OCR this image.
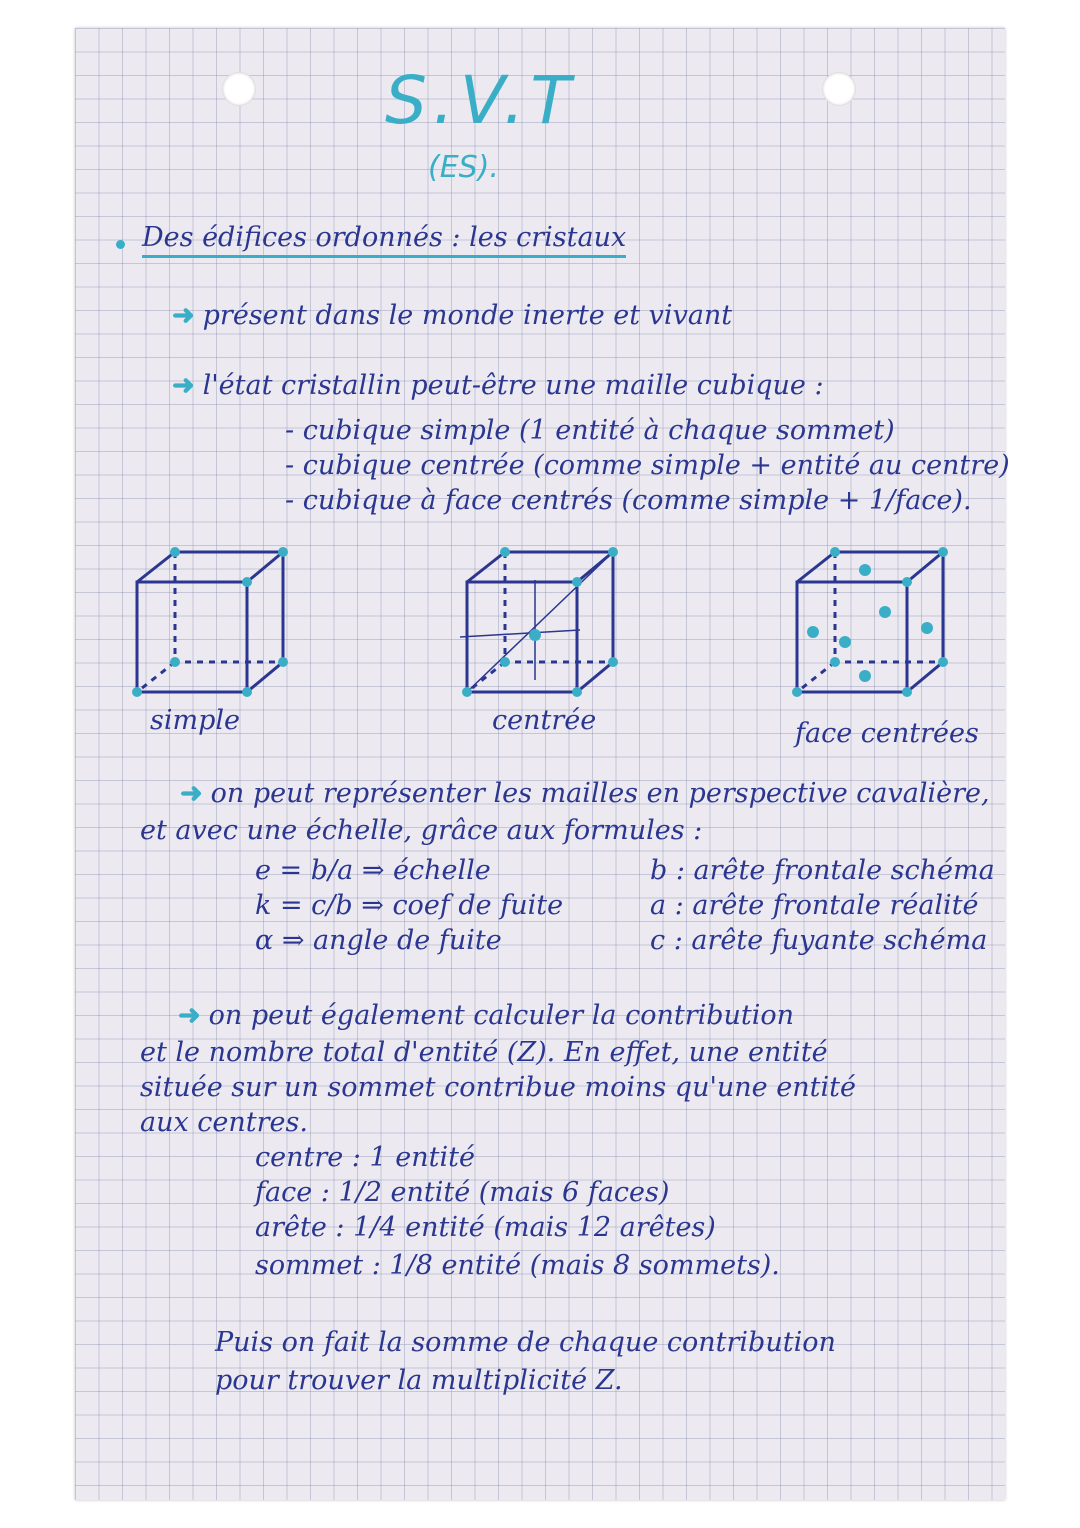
S.V.T
(ES).
Des édifices ordonnés : les cristaux
➜ présent dans le monde inerte et vivant
➜ l'état cristallin peut-être une maille cubique :
- cubique simple (1 entité à chaque sommet)
- cubique centrée (comme simple + entité au centre)
- cubique à face centrés (comme simple + 1/face).
simple	centrée	face centrées
➜ on peut représenter les mailles en perspective cavalière,
et avec une échelle, grâce aux formules :
e = b/a ⇒ échelle
k = c/b ⇒ coef de fuite
α ⇒ angle de fuite
b : arête frontale schéma
a : arête frontale réalité
c : arête fuyante schéma
➜ on peut également calculer la contribution
et le nombre total d'entité (Z). En effet, une entité
située sur un sommet contribue moins qu'une entité
aux centres.
centre : 1 entité
face : 1/2 entité (mais 6 faces)
arête : 1/4 entité (mais 12 arêtes)
sommet : 1/8 entité (mais 8 sommets).
Puis on fait la somme de chaque contribution
pour trouver la multiplicité Z.
